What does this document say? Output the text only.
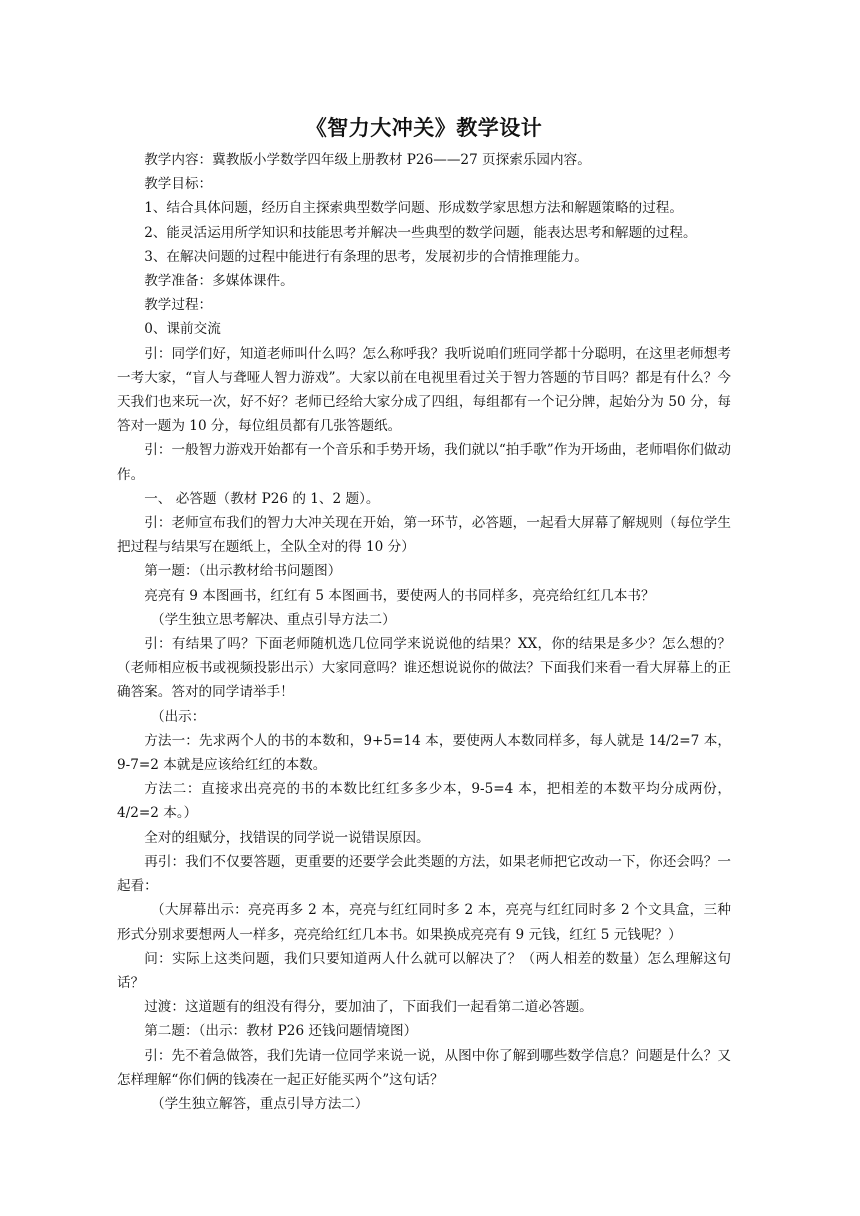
《智力大冲关》教学设计

教学内容：冀教版小学数学四年级上册教材 P26——27 页探索乐园内容。

教学目标：

1、结合具体问题，经历自主探索典型数学问题、形成数学家思想方法和解题策略的过程。

2、能灵活运用所学知识和技能思考并解决一些典型的数学问题，能表达思考和解题的过程。

3、在解决问题的过程中能进行有条理的思考，发展初步的合情推理能力。

教学准备：多媒体课件。

教学过程：

0、课前交流

引：同学们好，知道老师叫什么吗？怎么称呼我？我听说咱们班同学都十分聪明，在这里老师想考一考大家，“盲人与聋哑人智力游戏”。大家以前在电视里看过关于智力答题的节目吗？都是有什么？今天我们也来玩一次，好不好？老师已经给大家分成了四组，每组都有一个记分牌，起始分为 50 分，每答对一题为 10 分，每位组员都有几张答题纸。

引：一般智力游戏开始都有一个音乐和手势开场，我们就以“拍手歌”作为开场曲，老师唱你们做动作。

一、 必答题（教材 P26 的 1、2 题）。

引：老师宣布我们的智力大冲关现在开始，第一环节，必答题，一起看大屏幕了解规则（每位学生把过程与结果写在题纸上，全队全对的得 10 分）

第一题：（出示教材给书问题图）

亮亮有 9 本图画书，红红有 5 本图画书，要使两人的书同样多，亮亮给红红几本书？

（学生独立思考解决、重点引导方法二）

引：有结果了吗？下面老师随机选几位同学来说说他的结果？XX，你的结果是多少？怎么想的？（老师相应板书或视频投影出示）大家同意吗？谁还想说说你的做法？下面我们来看一看大屏幕上的正确答案。答对的同学请举手！

（出示：

方法一：先求两个人的书的本数和，9+5=14 本，要使两人本数同样多，每人就是 14/2=7 本，9-7=2 本就是应该给红红的本数。

方法二：直接求出亮亮的书的本数比红红多多少本，9-5=4 本，把相差的本数平均分成两份，4/2=2 本。）

全对的组赋分，找错误的同学说一说错误原因。

再引：我们不仅要答题，更重要的还要学会此类题的方法，如果老师把它改动一下，你还会吗？一起看：

（大屏幕出示：亮亮再多 2 本，亮亮与红红同时多 2 本，亮亮与红红同时多 2 个文具盒，三种形式分别求要想两人一样多，亮亮给红红几本书。如果换成亮亮有 9 元钱，红红 5 元钱呢？）

问：实际上这类问题，我们只要知道两人什么就可以解决了？（两人相差的数量）怎么理解这句话？

过渡：这道题有的组没有得分，要加油了，下面我们一起看第二道必答题。

第二题：（出示：教材 P26 还钱问题情境图）

引：先不着急做答，我们先请一位同学来说一说，从图中你了解到哪些数学信息？问题是什么？又怎样理解“你们俩的钱凑在一起正好能买两个”这句话？

（学生独立解答，重点引导方法二）
